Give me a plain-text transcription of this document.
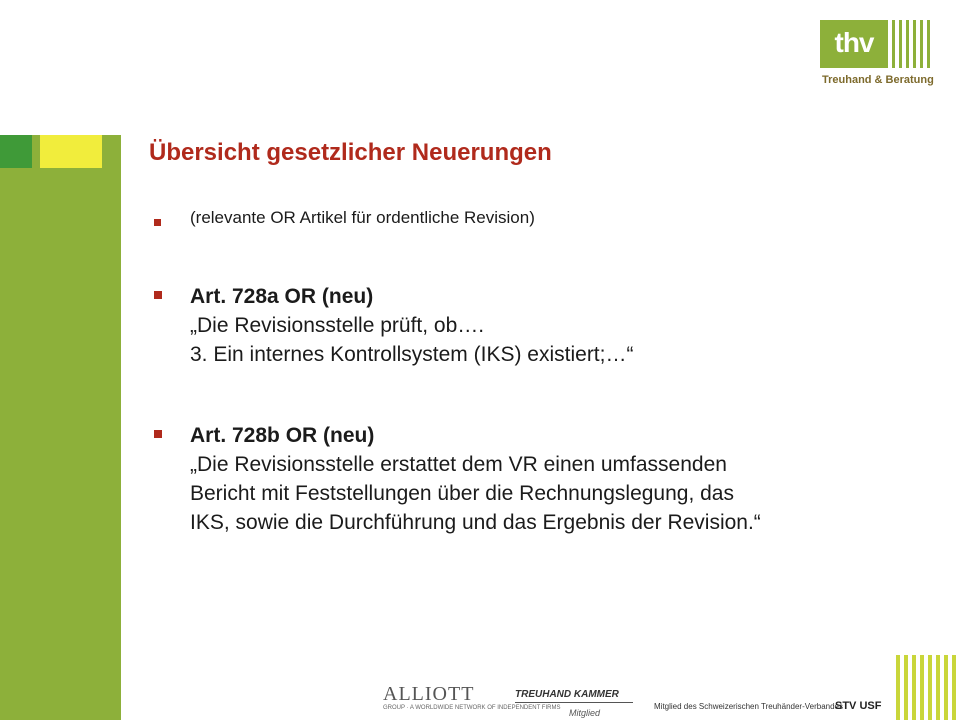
thv
Treuhand & Beratung
Übersicht gesetzlicher Neuerungen
(relevante OR Artikel für ordentliche Revision)
Art. 728a OR (neu)
„Die Revisionsstelle prüft, ob….
3. Ein internes Kontrollsystem (IKS) existiert;…“
Art. 728b OR (neu)
„Die Revisionsstelle erstattet dem VR einen umfassenden
Bericht mit Feststellungen über die Rechnungslegung, das
IKS, sowie die Durchführung und das Ergebnis der Revision.“
ALLIOTT
GROUP · A WORLDWIDE NETWORK OF INDEPENDENT FIRMS
TREUHAND KAMMER
Mitglied
Mitglied des Schweizerischen Treuhänder-Verbandes
STV USF
